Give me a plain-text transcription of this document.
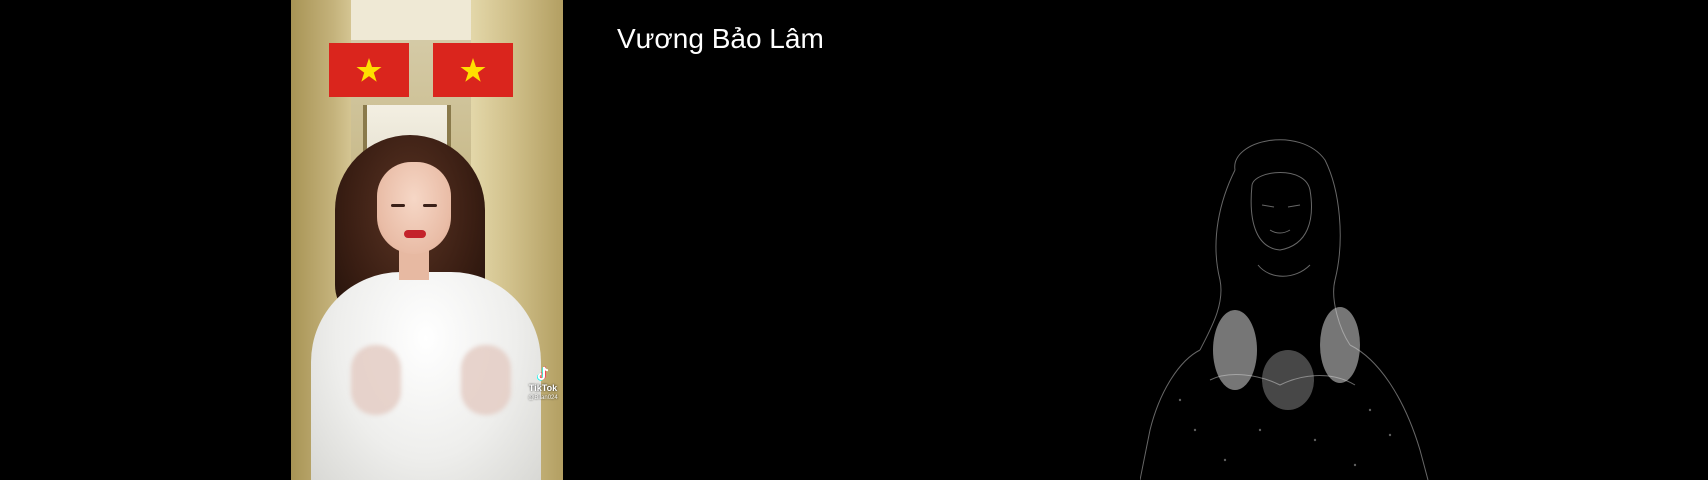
TikTok
@Bilan024
Vương Bảo Lâm
